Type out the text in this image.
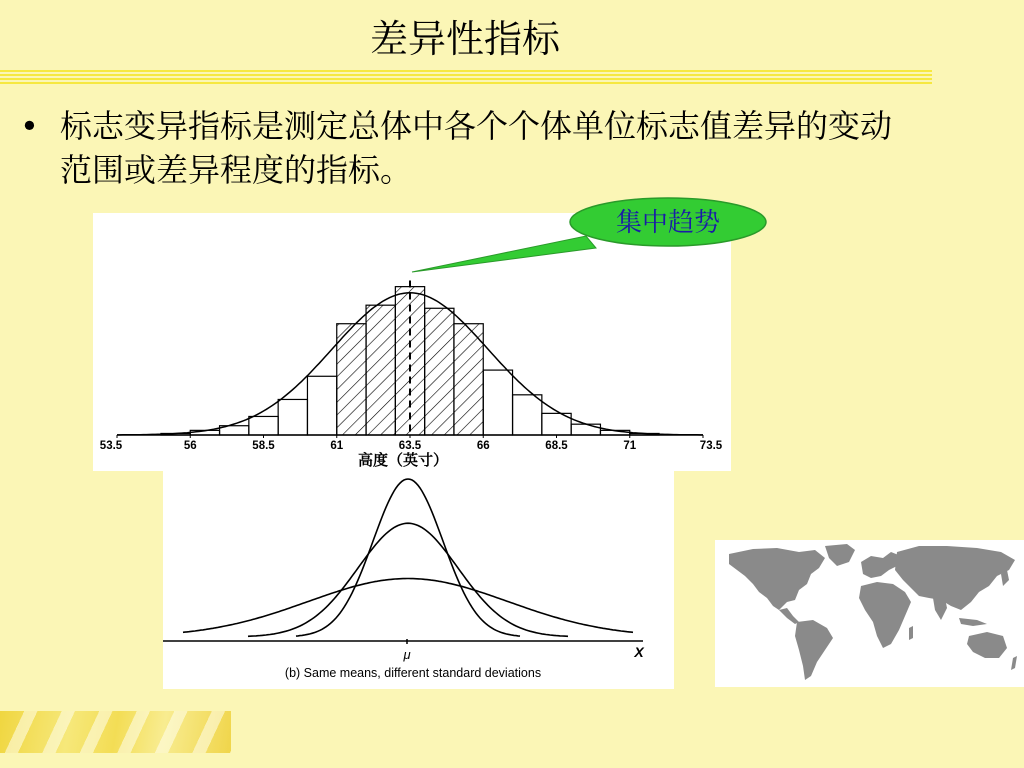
差异性指标
• 标志变异指标是测定总体中各个个体单位标志值差异的变动范围或差异程度的指标。
53.5	56	58.5	61	63.5	66	68.5	71	73.5
高度（英寸）
集中趋势
μ	X
(b) Same means, different standard deviations
